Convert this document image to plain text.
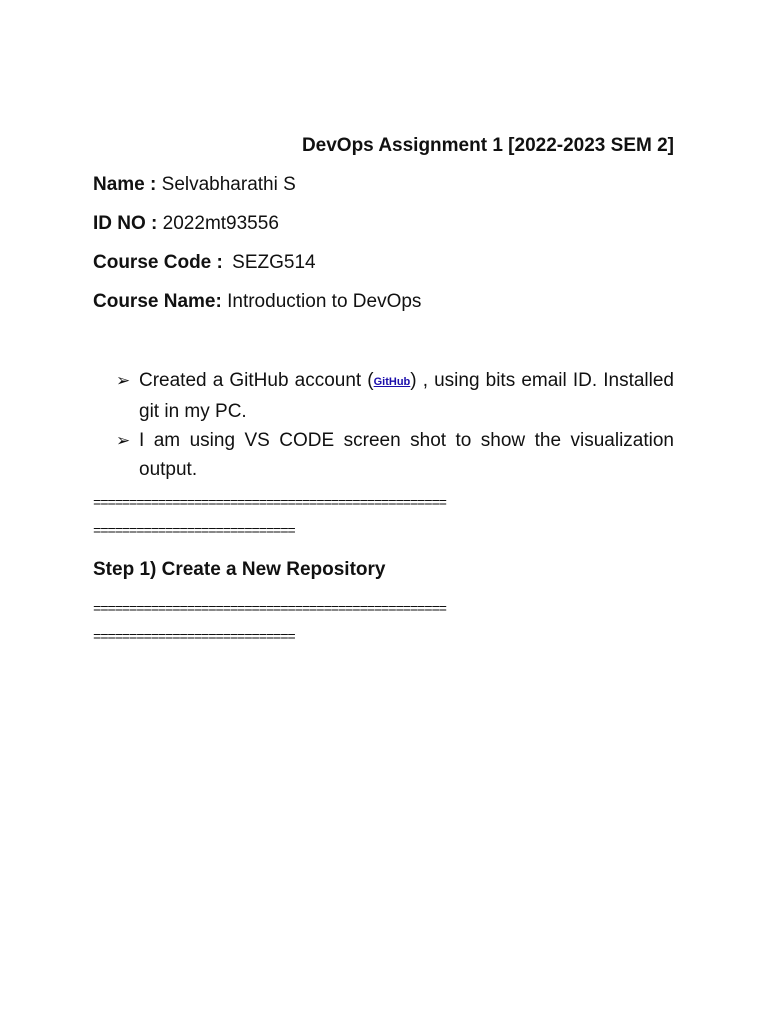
DevOps Assignment 1 [2022-2023 SEM 2]
Name : Selvabharathi S
ID NO : 2022mt93556
Course Code : SEZG514
Course Name: Introduction to DevOps
➢ Created a GitHub account (GitHub) , using bits email ID. Installed git in my PC.
➢ I am using VS CODE screen shot to show the visualization output.
=================================================
============================
Step 1) Create a New Repository
=================================================
============================
